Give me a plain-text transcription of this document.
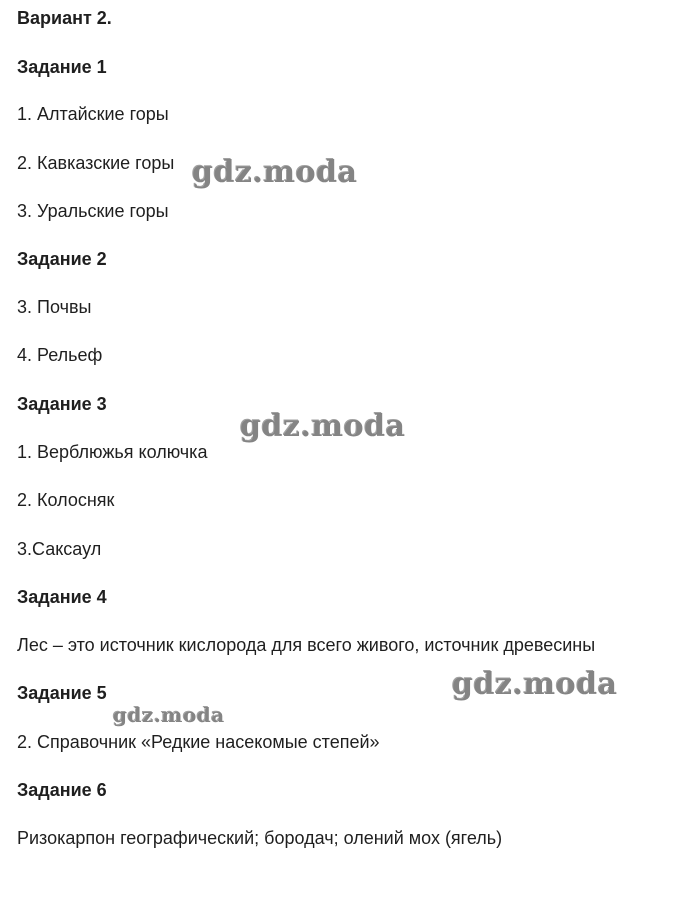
Вариант 2.
Задание 1
1. Алтайские горы
2. Кавказские горы
3. Уральские горы
Задание 2
3. Почвы
4. Рельеф
Задание 3
1. Верблюжья колючка
2. Колосняк
3.Саксаул
Задание 4
Лес – это источник кислорода для всего живого, источник древесины
Задание 5
2. Справочник «Редкие насекомые степей»
Задание 6
Ризокарпон географический; бородач; олений мох (ягель)
gdz.moda
gdz.moda
gdz.moda
gdz.moda
